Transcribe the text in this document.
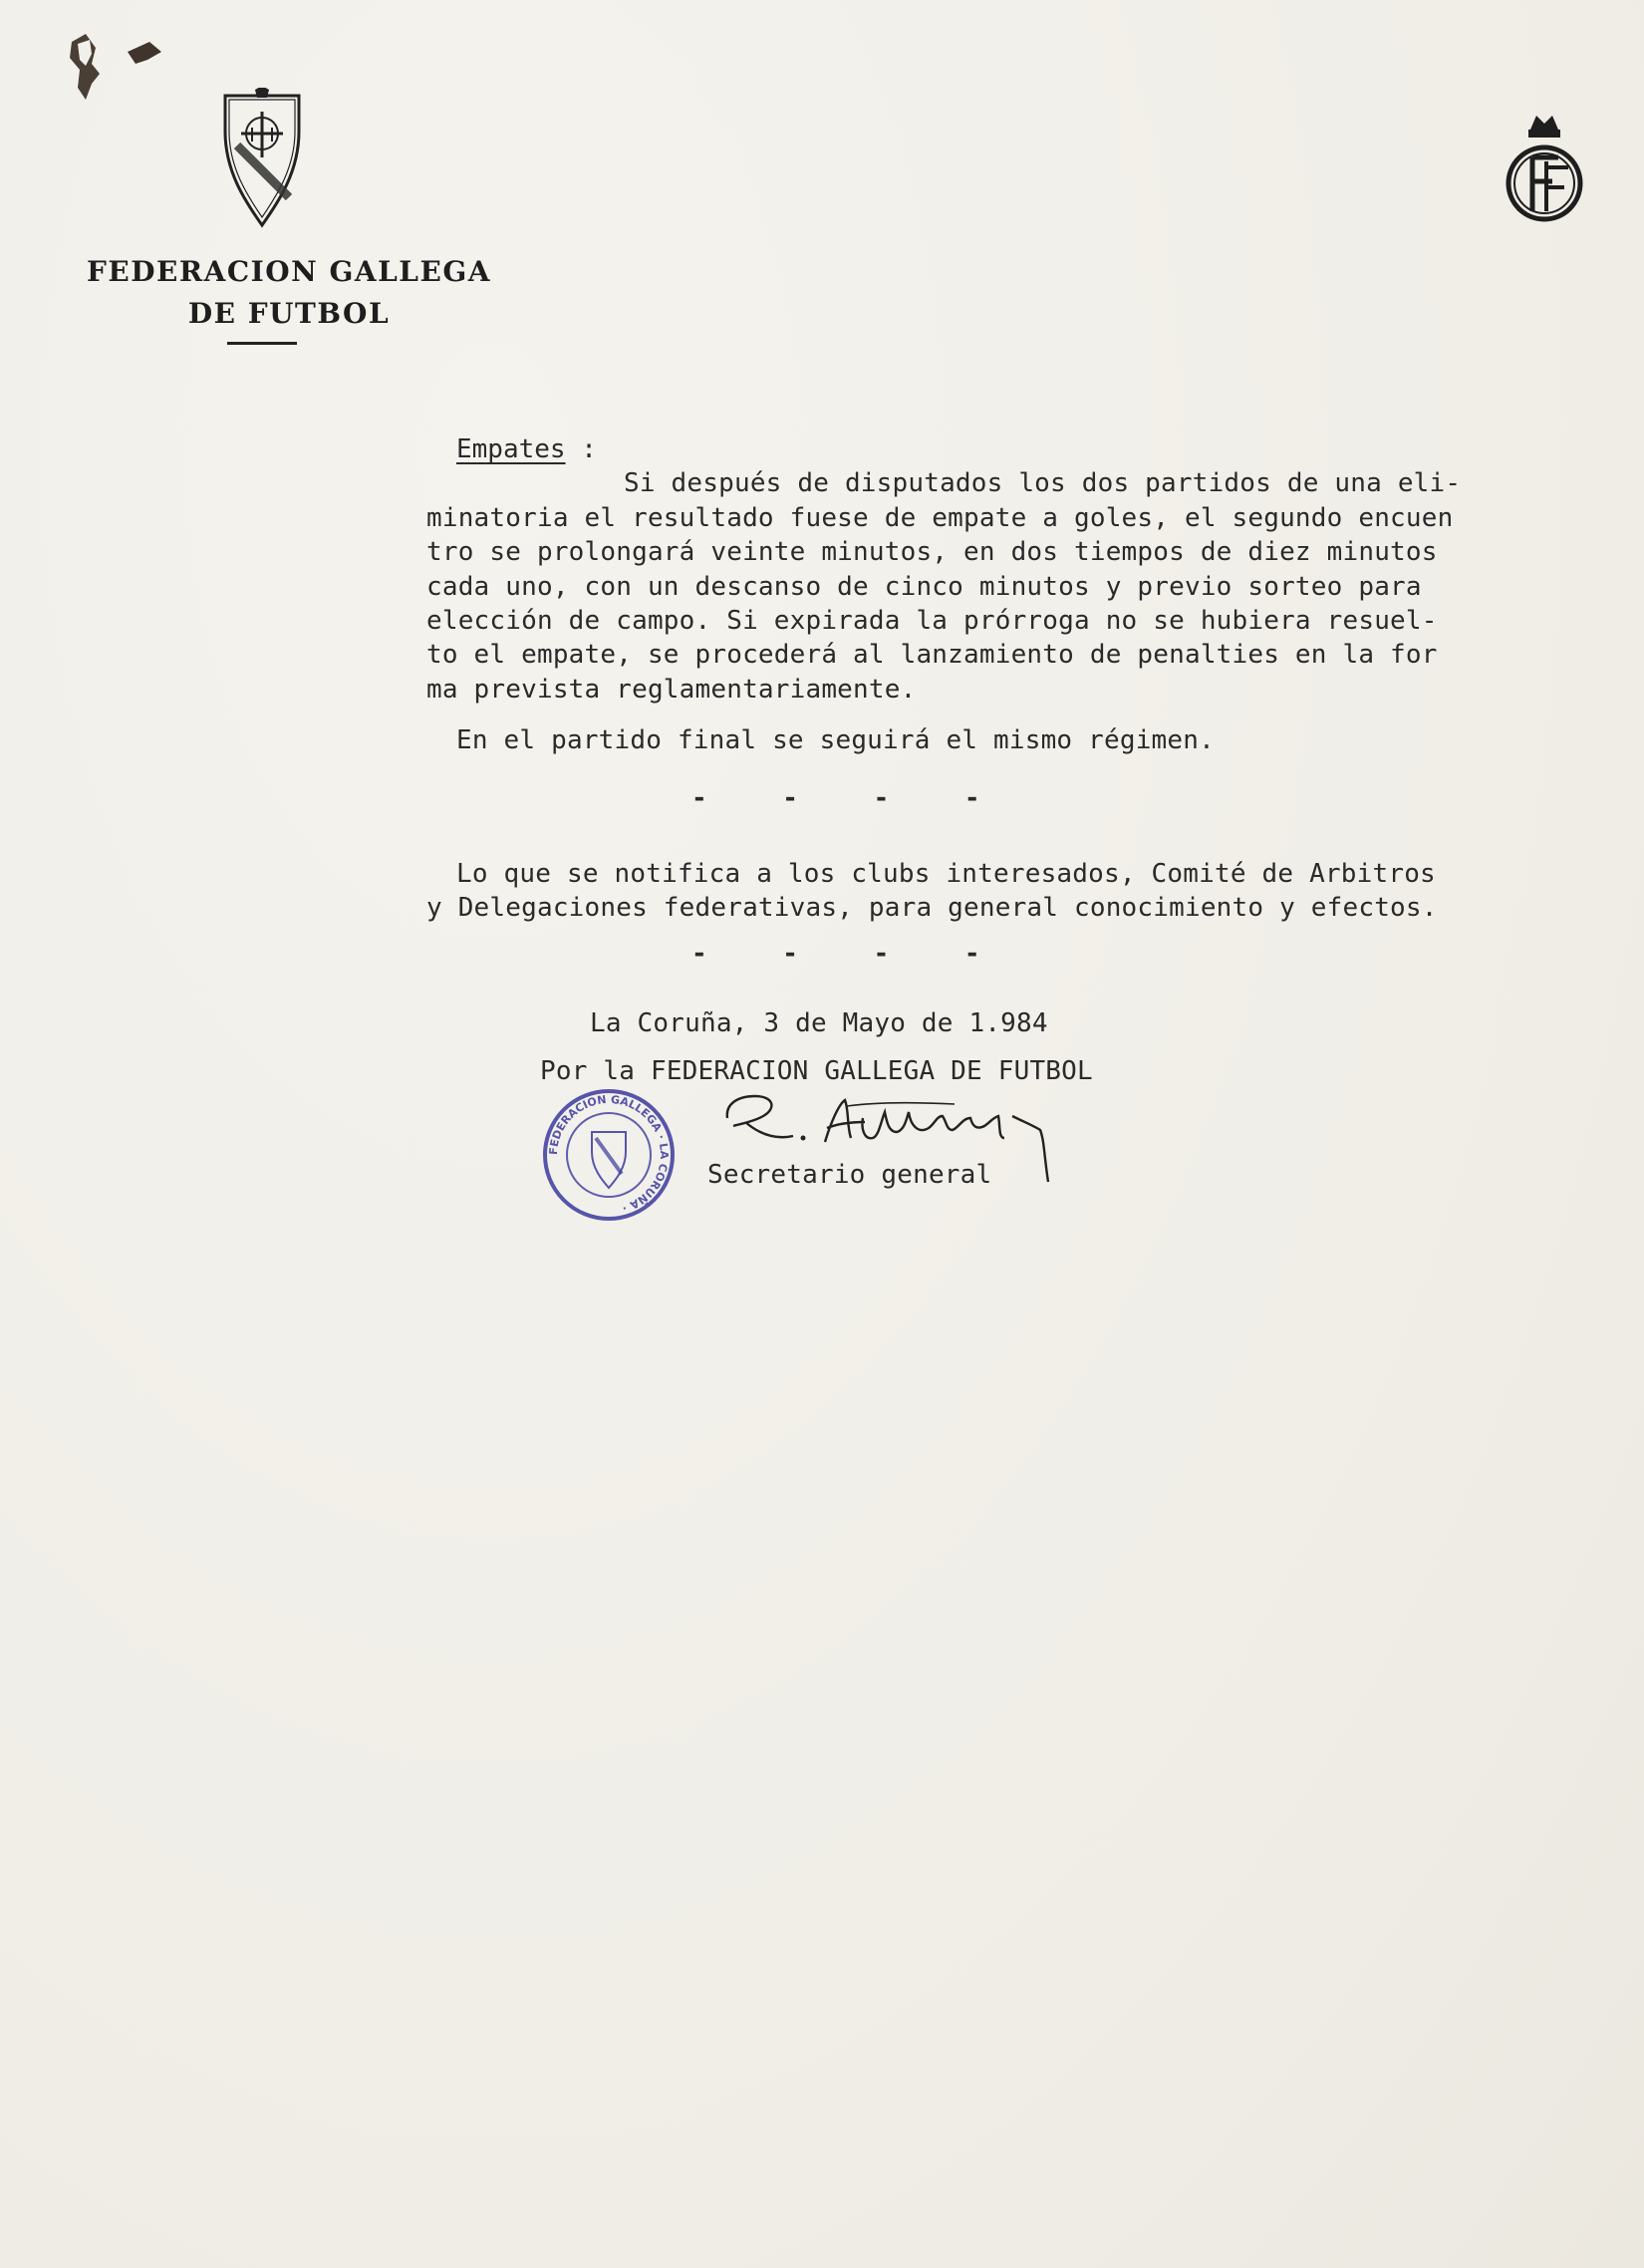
FEDERACION GALLEGA
DE FUTBOL
Empates :
Si después de disputados los dos partidos de una eli-
minatoria el resultado fuese de empate a goles, el segundo encuen
tro se prolongará veinte minutos, en dos tiempos de diez minutos
cada uno, con un descanso de cinco minutos y previo sorteo para
elección de campo. Si expirada la prórroga no se hubiera resuel-
to el empate, se procederá al lanzamiento de penalties en la for
ma prevista reglamentariamente.
En el partido final se seguirá el mismo régimen.
- - - -
Lo que se notifica a los clubs interesados, Comité de Arbitros
y Delegaciones federativas, para general conocimiento y efectos.
- - - -
La Coruña, 3 de Mayo de 1.984
Por la FEDERACION GALLEGA DE FUTBOL
FEDERACION GALLEGA · LA CORUÑA ·
Secretario general
